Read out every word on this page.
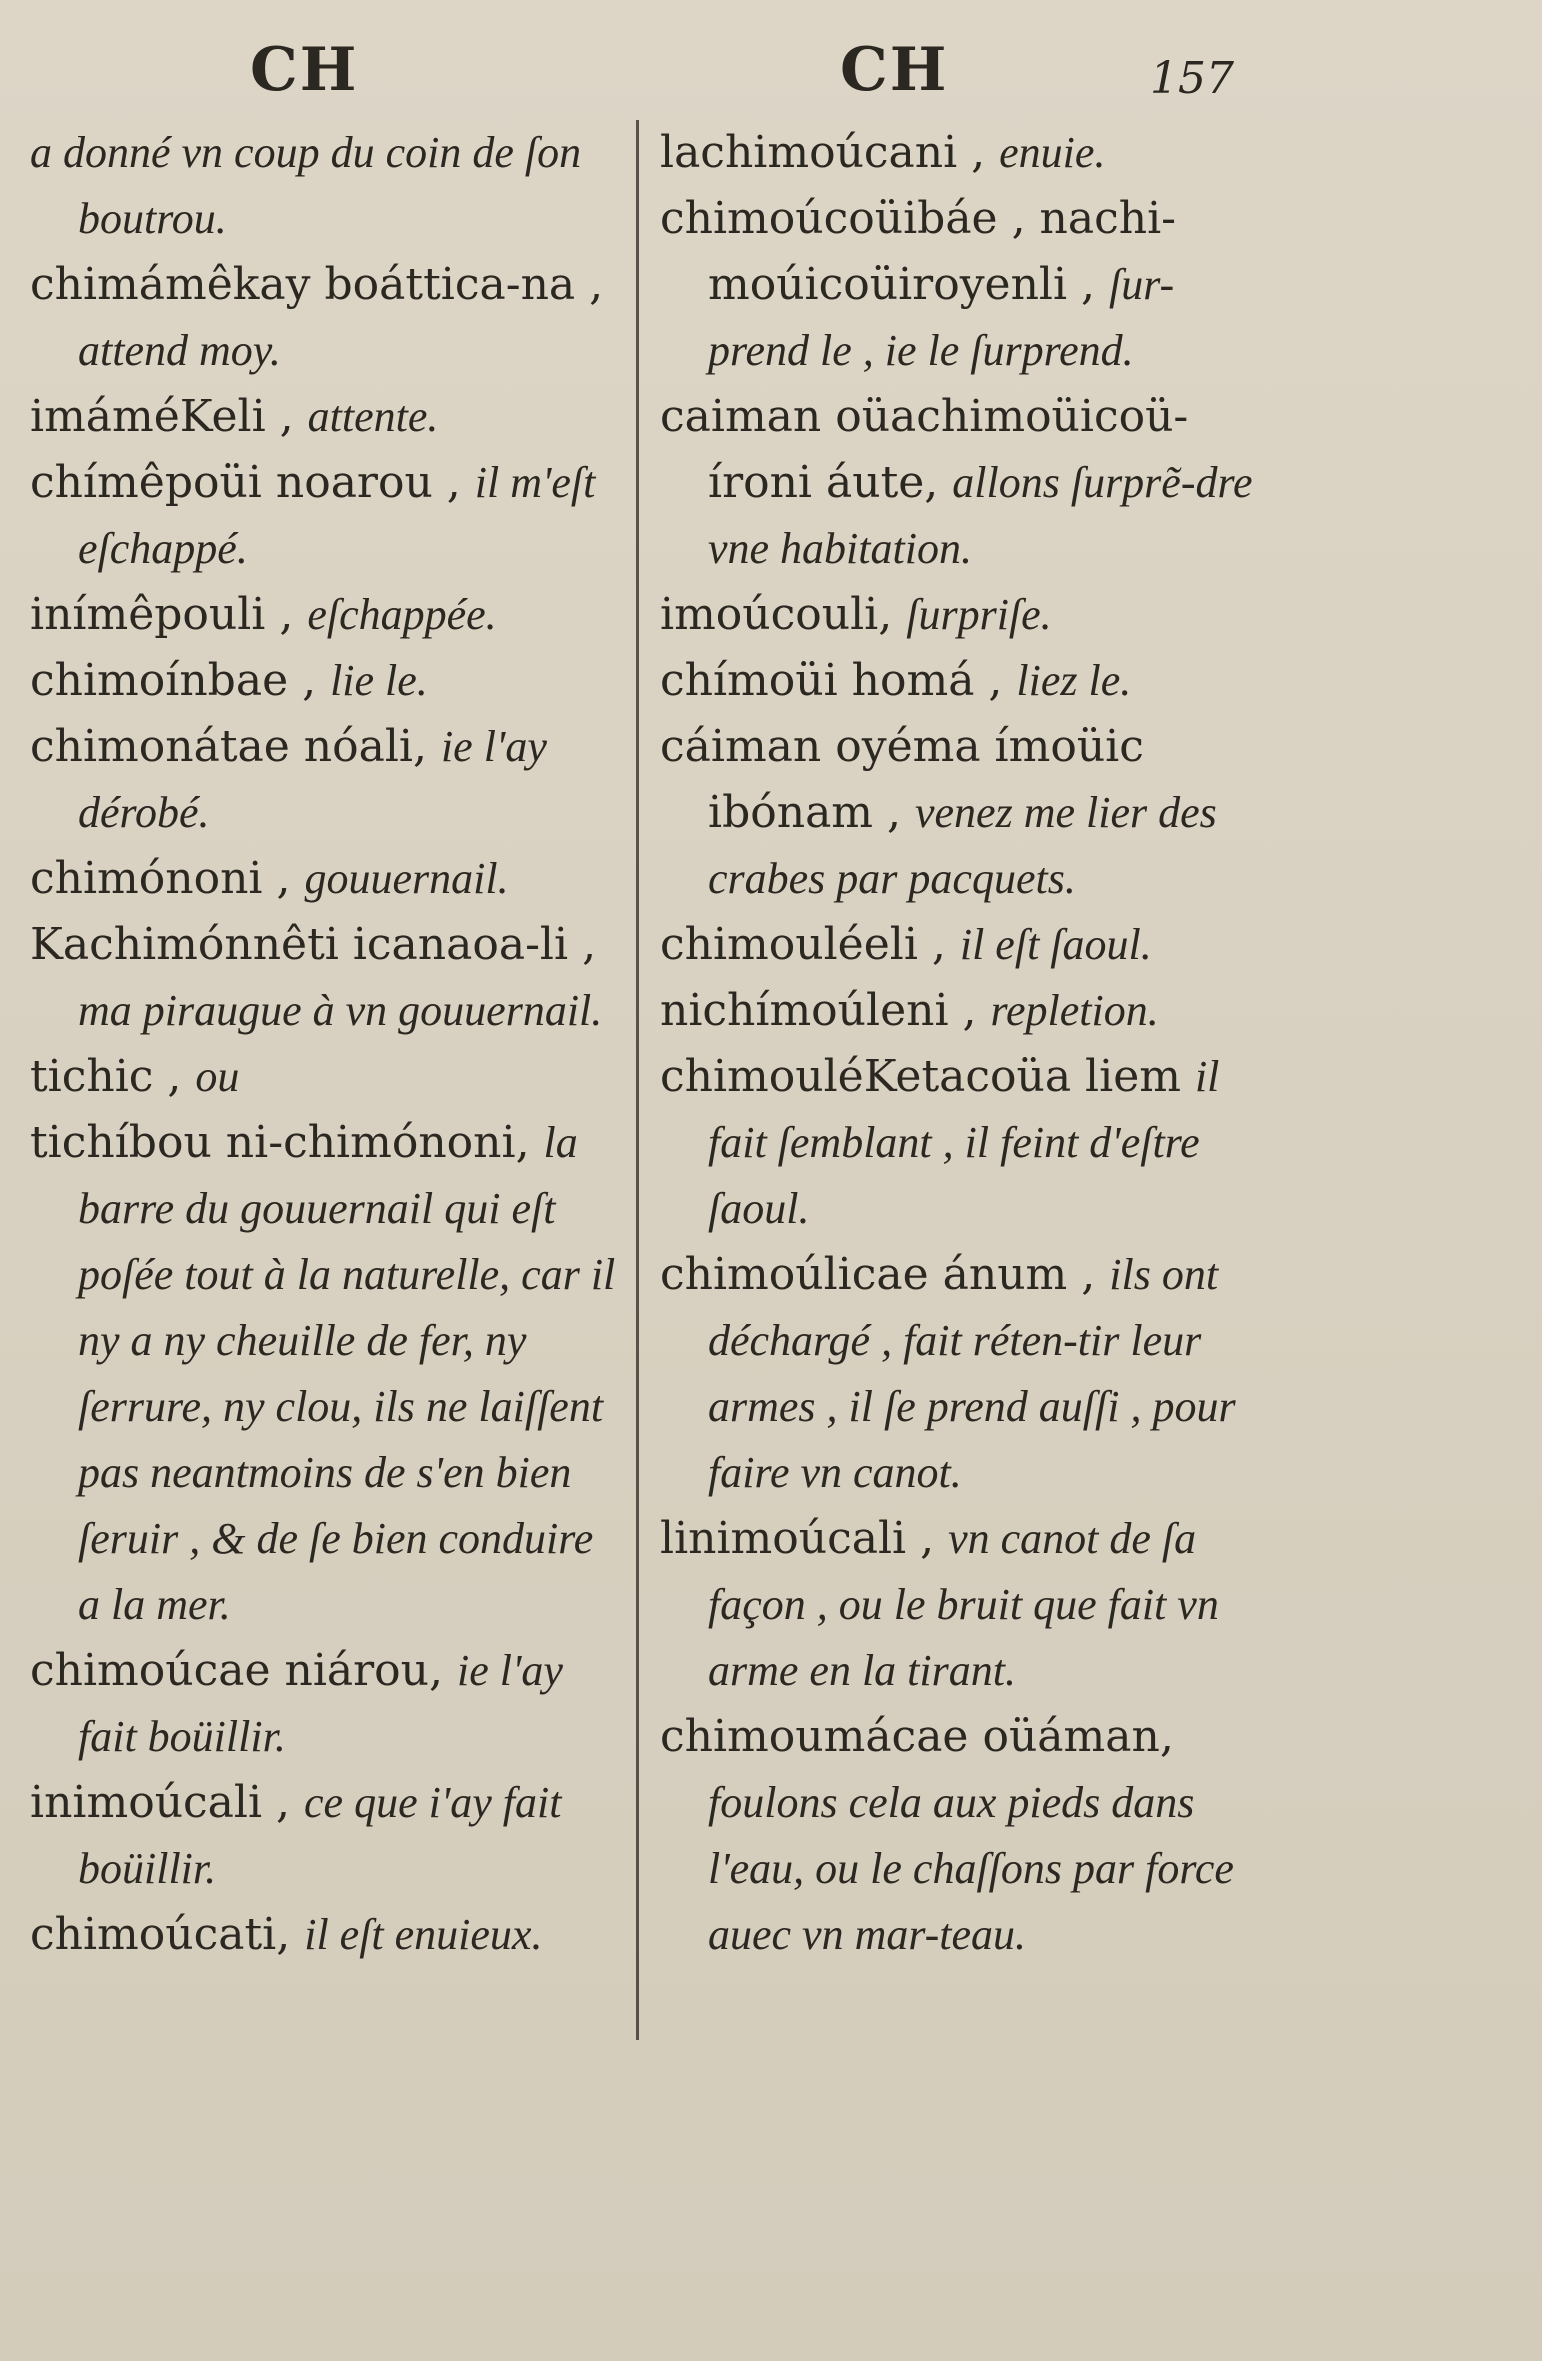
CH	CH	157

a donné vn coup du coin de ſon boutrou.

chimámêkay boáttica-na , attend moy.

imáméKeli , attente.

chímêpoüi noarou , il m'eſt eſchappé.

inímêpouli , eſchappée.

chimoínbae , lie le.

chimonátae nóali, ie l'ay dérobé.

chimónoni , gouuernail.

Kachimónnêti icanaoa-li , ma piraugue à vn gouuernail.

tichic , ou

tichíbou ni-chimónoni, la barre du gouuernail qui eſt poſée tout à la naturelle, car il ny a ny cheuille de fer, ny ſerrure, ny clou, ils ne laiſſent pas neantmoins de s'en bien ſeruir , & de ſe bien conduire a la mer.

chimoúcae niárou, ie l'ay fait boüillir.

inimoúcali , ce que i'ay fait boüillir.

chimoúcati, il eſt enuieux.

lachimoúcani , enuie.

chimoúcoüibáe , nachi-moúicoüiroyenli , ſur-prend le , ie le ſurprend.

caiman oüachimoüicoü-íroni áute, allons ſurprẽ-dre vne habitation.

imoúcouli, ſurpriſe.

chímoüi homá , liez le.

cáiman oyéma ímoüic ibónam , venez me lier des crabes par pacquets.

chimouléeli , il eſt ſaoul.

nichímoúleni , repletion.

chimouléKetacoüa liem il fait ſemblant , il feint d'eſtre ſaoul.

chimoúlicae ánum , ils ont déchargé , fait réten-tir leur armes , il ſe prend auſſi , pour faire vn canot.

linimoúcali , vn canot de ſa façon , ou le bruit que fait vn arme en la tirant.

chimoumácae oüáman, foulons cela aux pieds dans l'eau, ou le chaſſons par force auec vn mar-teau.
